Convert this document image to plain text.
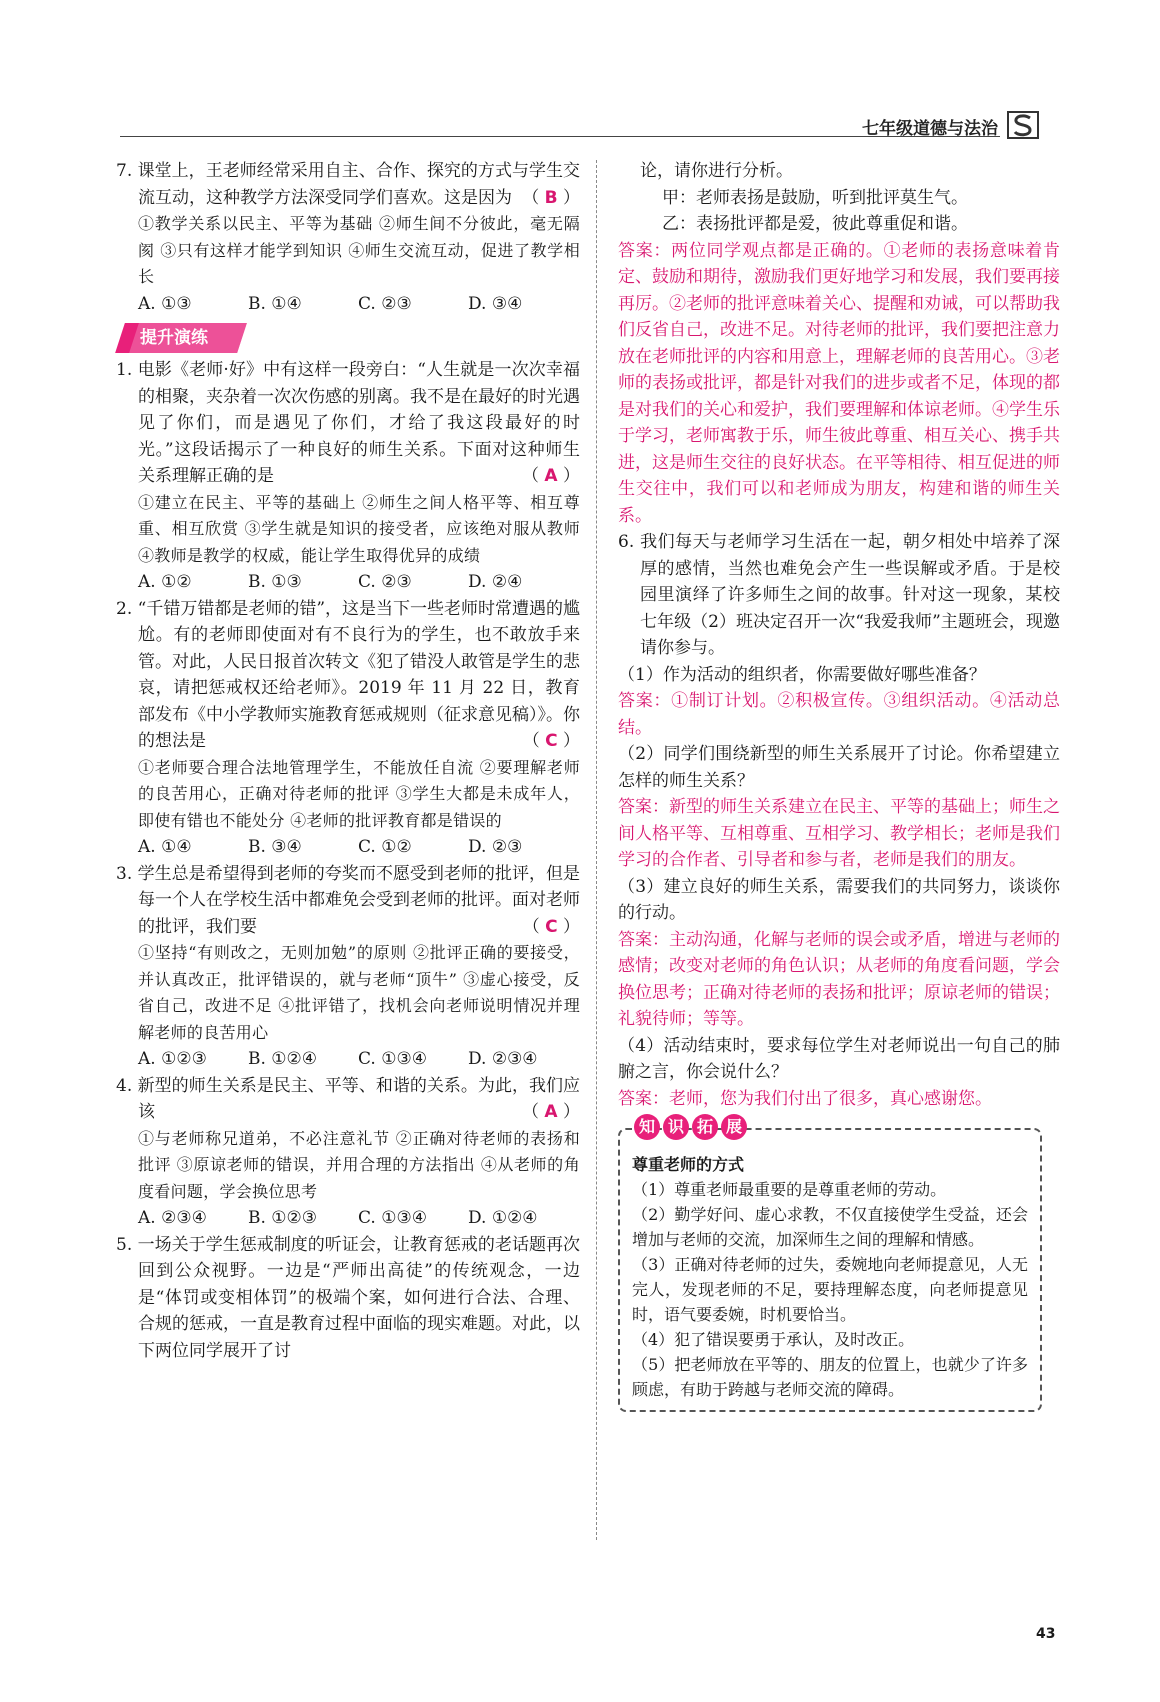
七年级道德与法治

7. 课堂上，王老师经常采用自主、合作、探究的方式与学生交流互动，这种教学方法深受同学们喜欢。这是因为 （ B ）

①教学关系以民主、平等为基础 ②师生间不分彼此，毫无隔阂 ③只有这样才能学到知识 ④师生交流互动，促进了教学相长

A. ①③	B. ①④	C. ②③	D. ③④
提升演练

1. 电影《老师·好》中有这样一段旁白：“人生就是一次次幸福的相聚，夹杂着一次次伤感的别离。我不是在最好的时光遇见了你们，而是遇见了你们，才给了我这段最好的时光。”这段话揭示了一种良好的师生关系。下面对这种师生关系理解正确的是	（ A ）

①建立在民主、平等的基础上 ②师生之间人格平等、相互尊重、相互欣赏 ③学生就是知识的接受者，应该绝对服从教师 ④教师是教学的权威，能让学生取得优异的成绩

A. ①②	B. ①③	C. ②③	D. ②④

2. “千错万错都是老师的错”，这是当下一些老师时常遭遇的尴尬。有的老师即使面对有不良行为的学生，也不敢放手来管。对此，人民日报首次转文《犯了错没人敢管是学生的悲哀，请把惩戒权还给老师》。2019 年 11 月 22 日，教育部发布《中小学教师实施教育惩戒规则（征求意见稿）》。你的想法是	（ C ）

①老师要合理合法地管理学生，不能放任自流 ②要理解老师的良苦用心，正确对待老师的批评 ③学生大都是未成年人，即使有错也不能处分 ④老师的批评教育都是错误的

A. ①④	B. ③④	C. ①②	D. ②③

3. 学生总是希望得到老师的夸奖而不愿受到老师的批评，但是每一个人在学校生活中都难免会受到老师的批评。面对老师的批评，我们要	（ C ）

①坚持“有则改之，无则加勉”的原则 ②批评正确的要接受，并认真改正，批评错误的，就与老师“顶牛” ③虚心接受，反省自己，改进不足 ④批评错了，找机会向老师说明情况并理解老师的良苦用心

A. ①②③	B. ①②④	C. ①③④	D. ②③④

4. 新型的师生关系是民主、平等、和谐的关系。为此，我们应该	（ A ）

①与老师称兄道弟，不必注意礼节 ②正确对待老师的表扬和批评 ③原谅老师的错误，并用合理的方法指出 ④从老师的角度看问题，学会换位思考

A. ②③④	B. ①②③	C. ①③④	D. ①②④

5. 一场关于学生惩戒制度的听证会，让教育惩戒的老话题再次回到公众视野。一边是“严师出高徒”的传统观念，一边是“体罚或变相体罚”的极端个案，如何进行合法、合理、合规的惩戒，一直是教育过程中面临的现实难题。对此，以下两位同学展开了讨

论，请你进行分析。

甲：老师表扬是鼓励，听到批评莫生气。

乙：表扬批评都是爱，彼此尊重促和谐。

答案：两位同学观点都是正确的。①老师的表扬意味着肯定、鼓励和期待，激励我们更好地学习和发展，我们要再接再厉。②老师的批评意味着关心、提醒和劝诫，可以帮助我们反省自己，改进不足。对待老师的批评，我们要把注意力放在老师批评的内容和用意上，理解老师的良苦用心。③老师的表扬或批评，都是针对我们的进步或者不足，体现的都是对我们的关心和爱护，我们要理解和体谅老师。④学生乐于学习，老师寓教于乐，师生彼此尊重、相互关心、携手共进，这是师生交往的良好状态。在平等相待、相互促进的师生交往中，我们可以和老师成为朋友，构建和谐的师生关系。

6. 我们每天与老师学习生活在一起，朝夕相处中培养了深厚的感情，当然也难免会产生一些误解或矛盾。于是校园里演绎了许多师生之间的故事。针对这一现象，某校七年级（2）班决定召开一次“我爱我师”主题班会，现邀请你参与。

（1）作为活动的组织者，你需要做好哪些准备？

答案：①制订计划。②积极宣传。③组织活动。④活动总结。

（2）同学们围绕新型的师生关系展开了讨论。你希望建立怎样的师生关系？

答案：新型的师生关系建立在民主、平等的基础上；师生之间人格平等、互相尊重、互相学习、教学相长；老师是我们学习的合作者、引导者和参与者，老师是我们的朋友。

（3）建立良好的师生关系，需要我们的共同努力，谈谈你的行动。

答案：主动沟通，化解与老师的误会或矛盾，增进与老师的感情；改变对老师的角色认识；从老师的角度看问题，学会换位思考；正确对待老师的表扬和批评；原谅老师的错误；礼貌待师；等等。

（4）活动结束时，要求每位学生对老师说出一句自己的肺腑之言，你会说什么？

答案：老师，您为我们付出了很多，真心感谢您。

知 识 拓 展
尊重老师的方式

（1）尊重老师最重要的是尊重老师的劳动。

（2）勤学好问、虚心求教，不仅直接使学生受益，还会增加与老师的交流，加深师生之间的理解和情感。

（3）正确对待老师的过失，委婉地向老师提意见，人无完人，发现老师的不足，要持理解态度，向老师提意见时，语气要委婉，时机要恰当。

（4）犯了错误要勇于承认，及时改正。

（5）把老师放在平等的、朋友的位置上，也就少了许多顾虑，有助于跨越与老师交流的障碍。

43
